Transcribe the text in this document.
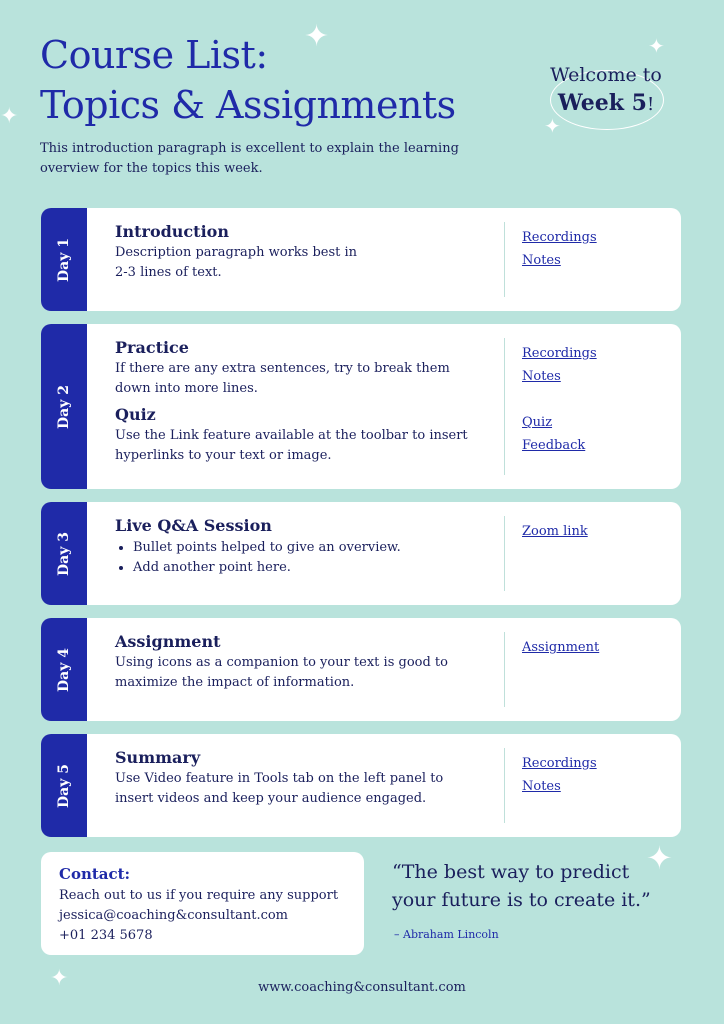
✦	✦
✦	✦
✦
✦
Course List:
Topics & Assignments

This introduction paragraph is excellent to explain the learning
overview for the topics this week.

Welcome to
Week 5!
Day 1

Introduction

Description paragraph works best in
2-3 lines of text.

Recordings
Notes
Day 2

Practice

If there are any extra sentences, try to break them
down into more lines.

Quiz

Use the Link feature available at the toolbar to insert
hyperlinks to your text or image.

Recordings
Notes
Quiz
Feedback
Day 3

Live Q&A Session

• Bullet points helped to give an overview.
• Add another point here.
Zoom link
Day 4

Assignment

Using icons as a companion to your text is good to
maximize the impact of information.

Assignment
Day 5

Summary

Use Video feature in Tools tab on the left panel to
insert videos and keep your audience engaged.

Recordings
Notes

Contact:

Reach out to us if you require any support
jessica@coaching&consultant.com
+01 234 5678

“The best way to predict
your future is to create it.”

– Abraham Lincoln
www.coaching&consultant.com
